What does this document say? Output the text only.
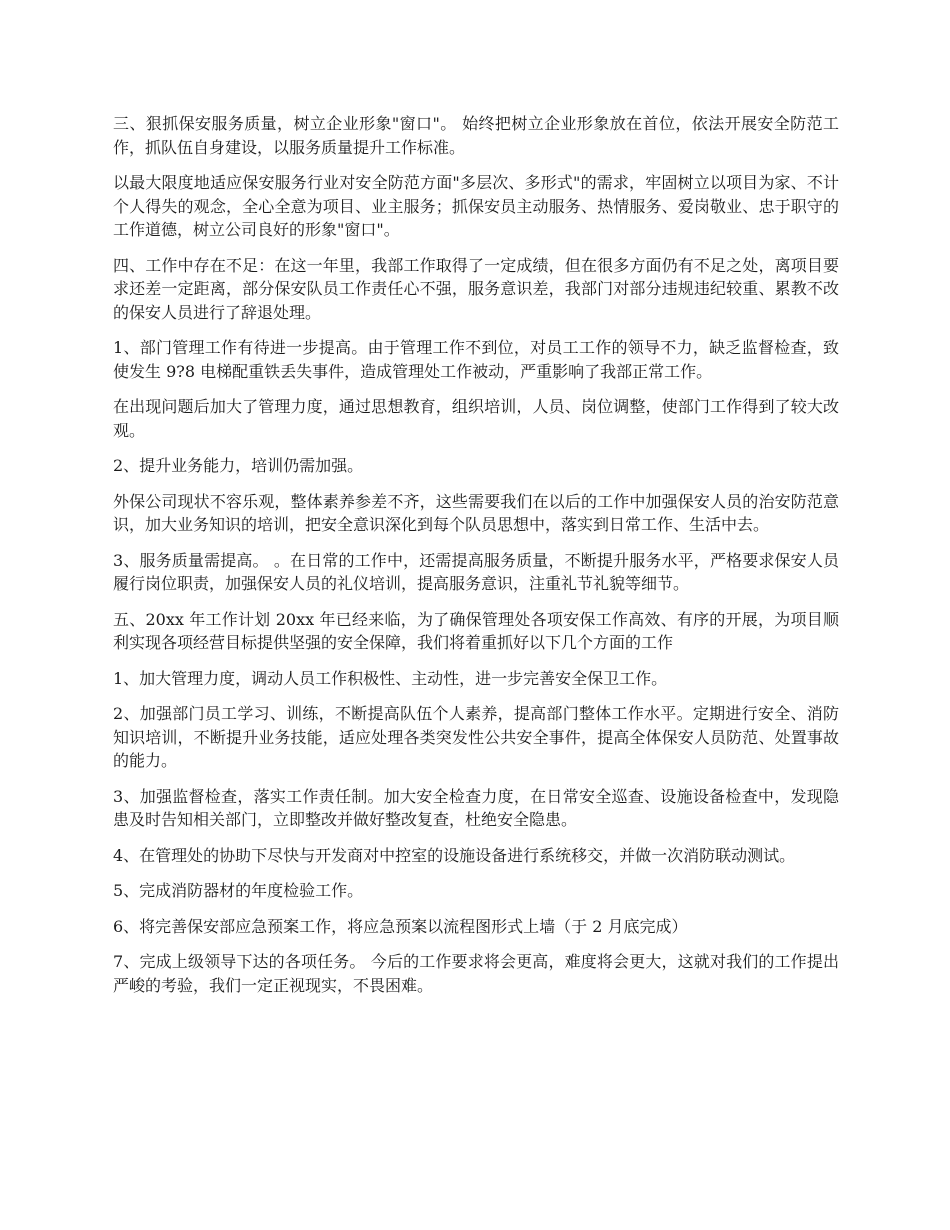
三、狠抓保安服务质量，树立企业形象"窗口"。 始终把树立企业形象放在首位，依法开展安全防范工作，抓队伍自身建设，以服务质量提升工作标准。

以最大限度地适应保安服务行业对安全防范方面"多层次、多形式"的需求，牢固树立以项目为家、不计个人得失的观念，全心全意为项目、业主服务；抓保安员主动服务、热情服务、爱岗敬业、忠于职守的工作道德，树立公司良好的形象"窗口"。

四、工作中存在不足：在这一年里，我部工作取得了一定成绩，但在很多方面仍有不足之处，离项目要求还差一定距离，部分保安队员工作责任心不强，服务意识差，我部门对部分违规违纪较重、累教不改的保安人员进行了辞退处理。

1、部门管理工作有待进一步提高。由于管理工作不到位，对员工工作的领导不力，缺乏监督检查，致使发生 9?8 电梯配重铁丢失事件，造成管理处工作被动，严重影响了我部正常工作。

在出现问题后加大了管理力度，通过思想教育，组织培训，人员、岗位调整，使部门工作得到了较大改观。

2、提升业务能力，培训仍需加强。

外保公司现状不容乐观，整体素养参差不齐，这些需要我们在以后的工作中加强保安人员的治安防范意识，加大业务知识的培训，把安全意识深化到每个队员思想中，落实到日常工作、生活中去。

3、服务质量需提高。 。在日常的工作中，还需提高服务质量，不断提升服务水平，严格要求保安人员履行岗位职责，加强保安人员的礼仪培训，提高服务意识，注重礼节礼貌等细节。

五、20xx 年工作计划 20xx 年已经来临，为了确保管理处各项安保工作高效、有序的开展，为项目顺利实现各项经营目标提供坚强的安全保障，我们将着重抓好以下几个方面的工作

1、加大管理力度，调动人员工作积极性、主动性，进一步完善安全保卫工作。

2、加强部门员工学习、训练，不断提高队伍个人素养，提高部门整体工作水平。定期进行安全、消防知识培训，不断提升业务技能，适应处理各类突发性公共安全事件，提高全体保安人员防范、处置事故的能力。

3、加强监督检查，落实工作责任制。加大安全检查力度，在日常安全巡查、设施设备检查中，发现隐患及时告知相关部门，立即整改并做好整改复查，杜绝安全隐患。

4、在管理处的协助下尽快与开发商对中控室的设施设备进行系统移交，并做一次消防联动测试。

5、完成消防器材的年度检验工作。

6、将完善保安部应急预案工作，将应急预案以流程图形式上墙（于 2 月底完成）

7、完成上级领导下达的各项任务。 今后的工作要求将会更高，难度将会更大，这就对我们的工作提出严峻的考验，我们一定正视现实，不畏困难。
